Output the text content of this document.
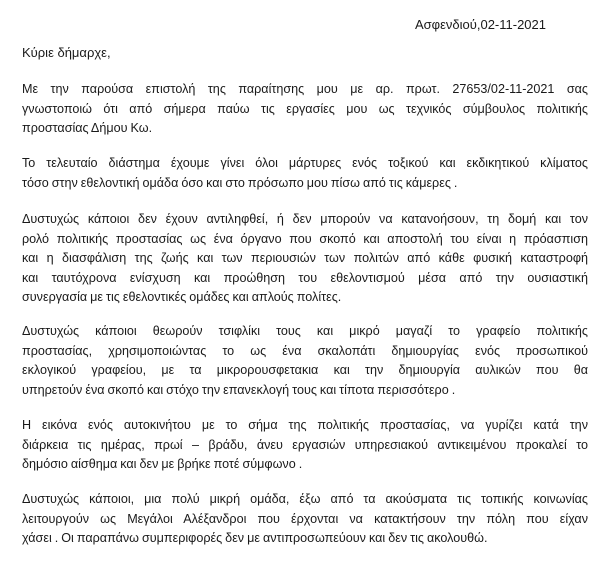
Ασφενδιού,02-11-2021
Κύριε δήμαρχε,
Με την παρούσα επιστολή της παραίτησης μου με αρ. πρωτ. 27653/02-11-2021 σας
γνωστοποιώ ότι από σήμερα παύω τις εργασίες μου ως τεχνικός σύμβουλος πολιτικής
προστασίας Δήμου Κω.
Το τελευταίο διάστημα έχουμε γίνει όλοι μάρτυρες ενός τοξικού και εκδικητικού κλίματος
τόσο στην εθελοντική ομάδα όσο και στο πρόσωπο μου πίσω από τις κάμερες .
Δυστυχώς κάποιοι δεν έχουν αντιληφθεί, ή δεν μπορούν να κατανοήσουν, τη δομή και τον
ρολό πολιτικής προστασίας ως ένα όργανο που σκοπό και αποστολή του είναι η πρόασπιση
και η διασφάλιση της ζωής και των περιουσιών των πολιτών από κάθε φυσική καταστροφή
και ταυτόχρονα ενίσχυση και προώθηση του εθελοντισμού μέσα από την ουσιαστική
συνεργασία με τις εθελοντικές ομάδες και απλούς πολίτες.
Δυστυχώς κάποιοι θεωρούν τσιφλίκι τους και μικρό μαγαζί το γραφείο πολιτικής
προστασίας, χρησιμοποιώντας το ως ένα σκαλοπάτι δημιουργίας ενός προσωπικού
εκλογικού γραφείου, με τα μικρορουσφετακια και την δημιουργία αυλικών που θα
υπηρετούν ένα σκοπό και στόχο την επανεκλογή τους και τίποτα περισσότερο .
Η εικόνα ενός αυτοκινήτου με το σήμα της πολιτικής προστασίας, να γυρίζει κατά την
διάρκεια τις ημέρας, πρωί – βράδυ, άνευ εργασιών υπηρεσιακού αντικειμένου προκαλεί το
δημόσιο αίσθημα και δεν με βρήκε ποτέ σύμφωνο .
Δυστυχώς κάποιοι, μια πολύ μικρή ομάδα, έξω από τα ακούσματα τις τοπικής κοινωνίας
λειτουργούν ως Μεγάλοι Αλέξανδροι που έρχονται να κατακτήσουν την πόλη που είχαν
χάσει . Οι παραπάνω συμπεριφορές δεν με αντιπροσωπεύουν και δεν τις ακολουθώ.
